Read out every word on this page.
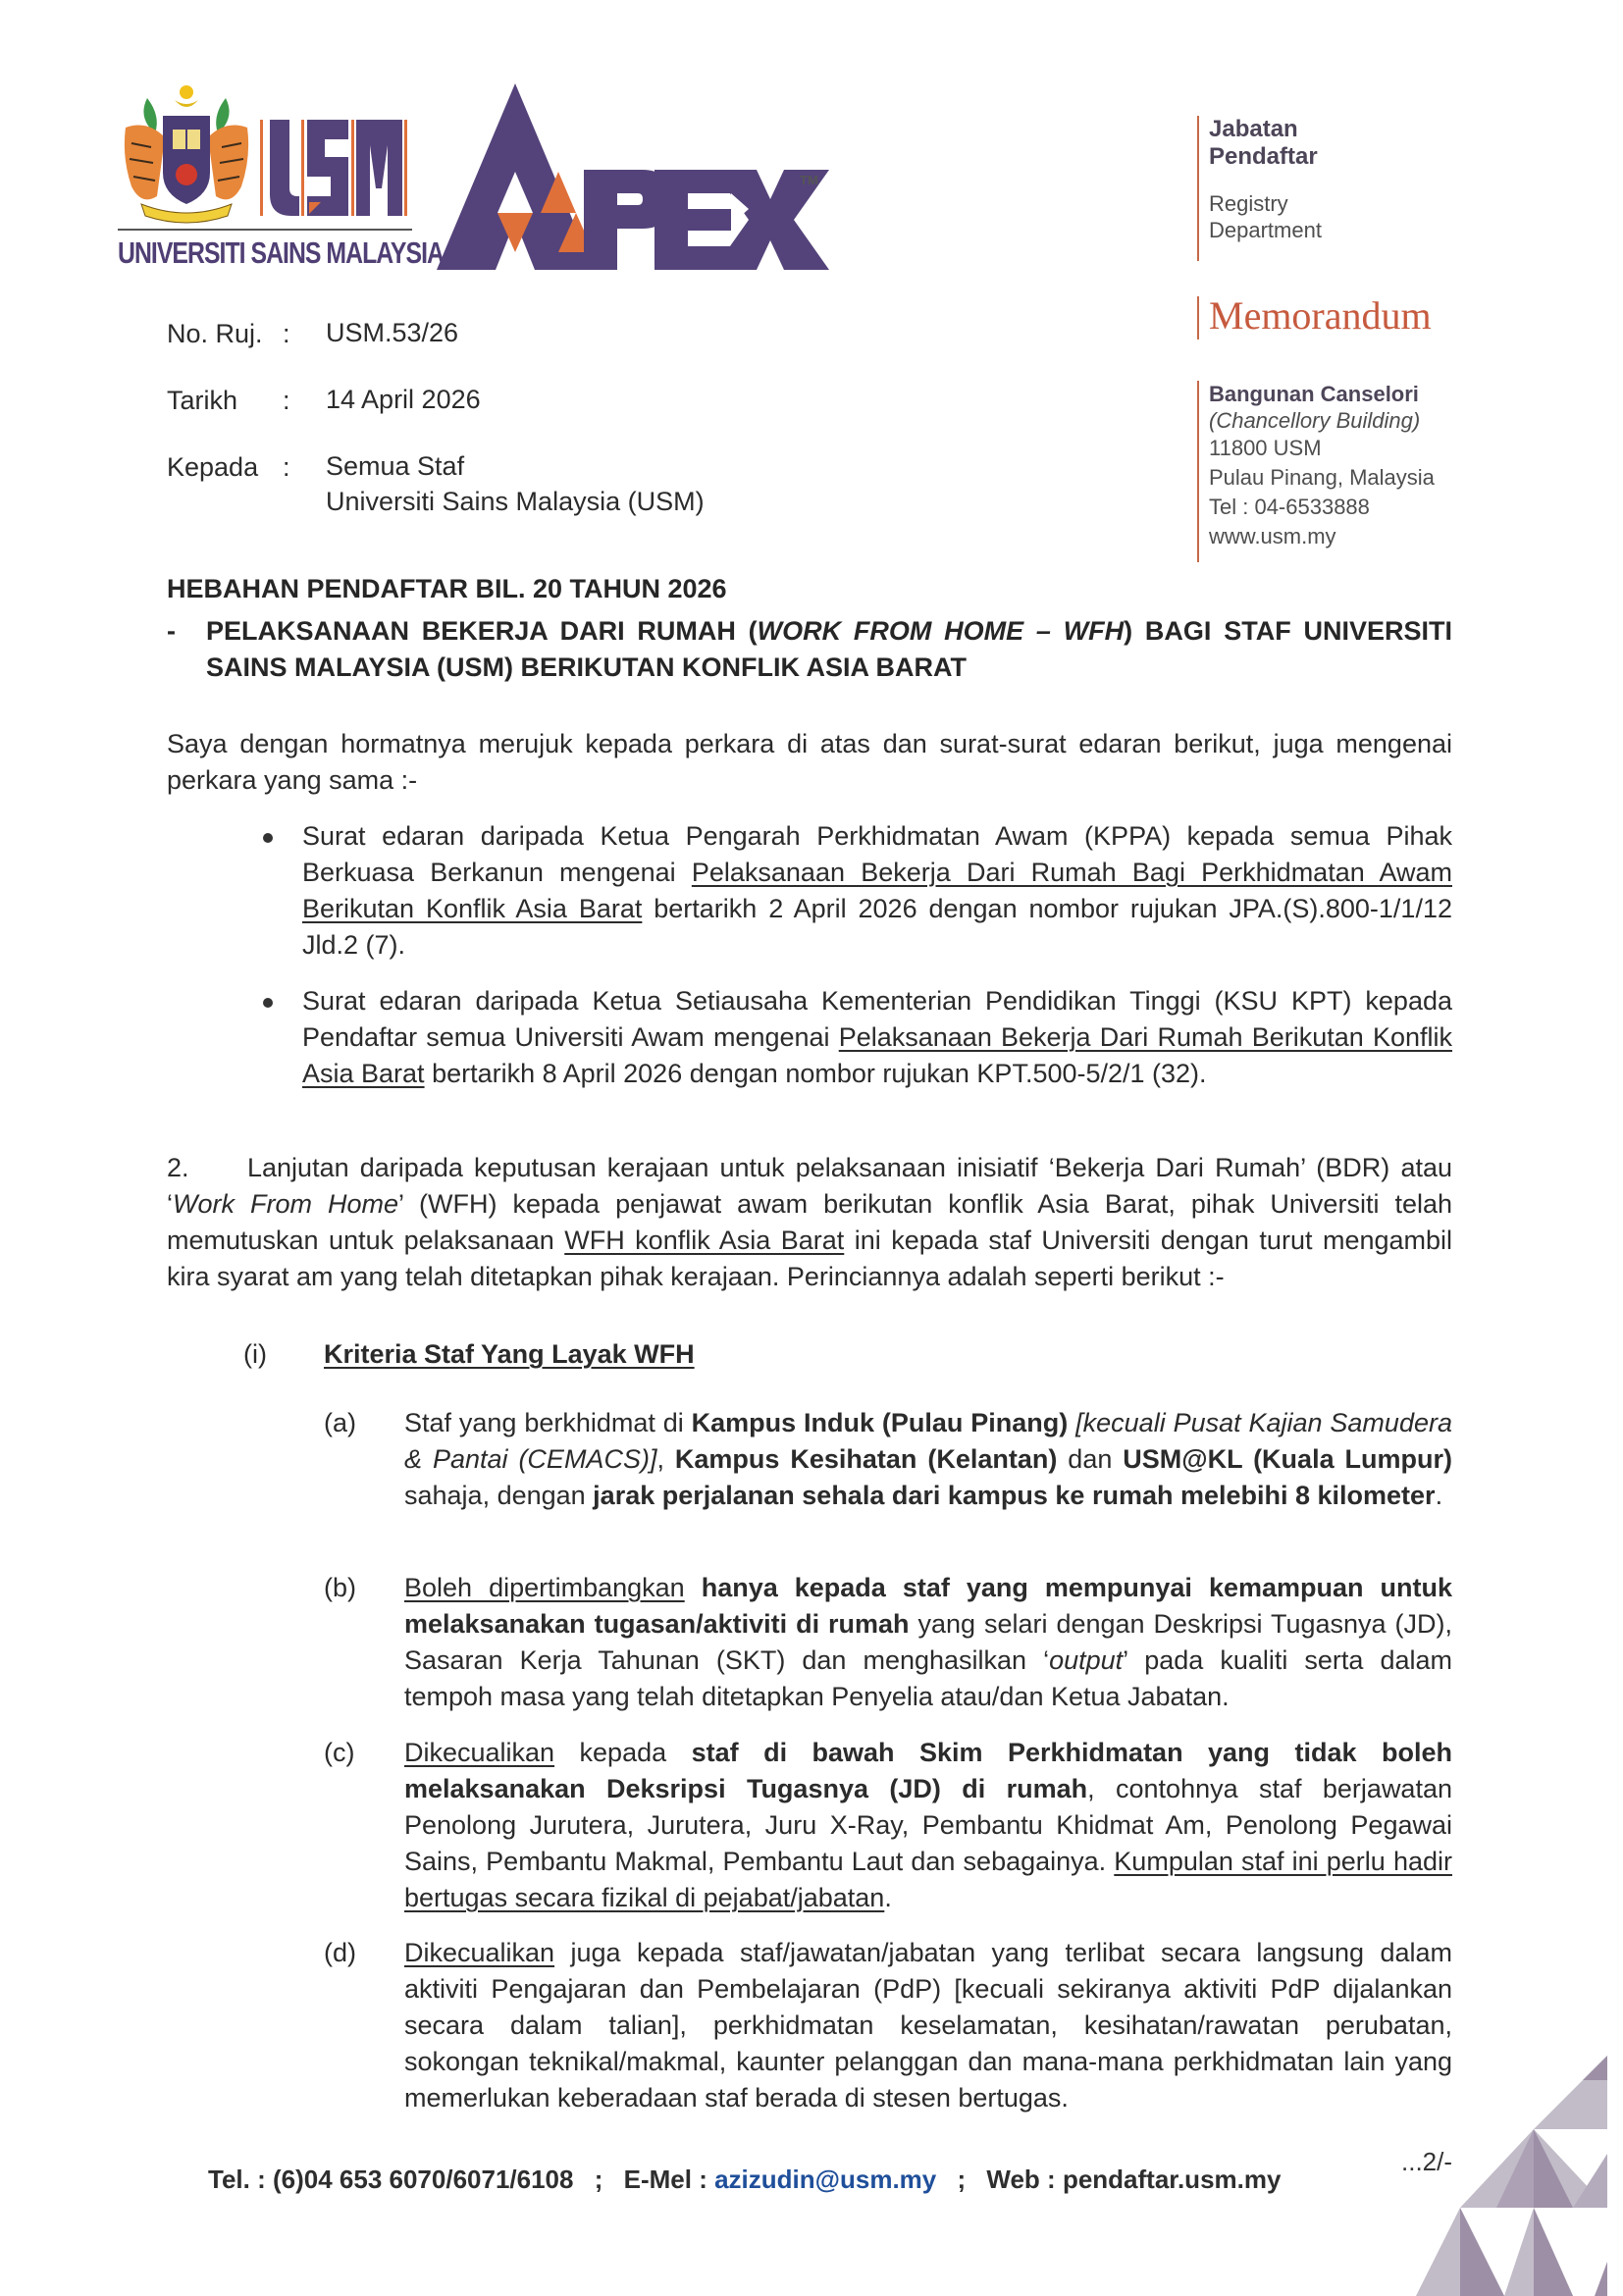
UNIVERSITI SAINS MALAYSIA
TM
Jabatan
Pendaftar
Registry
Department
Memorandum
Bangunan Canselori
(Chancellory Building)
11800 USM
Pulau Pinang, Malaysia
Tel : 04-6533888
www.usm.my
No. Ruj. : USM.53/26
Tarikh	: 14 April 2026
Kepada : Semua Staf
Universiti Sains Malaysia (USM)
HEBAHAN PENDAFTAR BIL. 20 TAHUN 2026
- PELAKSANAAN BEKERJA DARI RUMAH (WORK FROM HOME – WFH) BAGI STAF UNIVERSITI SAINS MALAYSIA (USM) BERIKUTAN KONFLIK ASIA BARAT
Saya dengan hormatnya merujuk kepada perkara di atas dan surat-surat edaran berikut, juga mengenai perkara yang sama :-
Surat edaran daripada Ketua Pengarah Perkhidmatan Awam (KPPA) kepada semua Pihak Berkuasa Berkanun mengenai Pelaksanaan Bekerja Dari Rumah Bagi Perkhidmatan Awam Berikutan Konflik Asia Barat bertarikh 2 April 2026 dengan nombor rujukan JPA.(S).800-1/1/12 Jld.2 (7).
Surat edaran daripada Ketua Setiausaha Kementerian Pendidikan Tinggi (KSU KPT) kepada Pendaftar semua Universiti Awam mengenai Pelaksanaan Bekerja Dari Rumah Berikutan Konflik Asia Barat bertarikh 8 April 2026 dengan nombor rujukan KPT.500-5/2/1 (32).
2. Lanjutan daripada keputusan kerajaan untuk pelaksanaan inisiatif ‘Bekerja Dari Rumah’ (BDR) atau ‘Work From Home’ (WFH) kepada penjawat awam berikutan konflik Asia Barat, pihak Universiti telah memutuskan untuk pelaksanaan WFH konflik Asia Barat ini kepada staf Universiti dengan turut mengambil kira syarat am yang telah ditetapkan pihak kerajaan. Perinciannya adalah seperti berikut :-
(i) Kriteria Staf Yang Layak WFH
(a) Staf yang berkhidmat di Kampus Induk (Pulau Pinang) [kecuali Pusat Kajian Samudera & Pantai (CEMACS)], Kampus Kesihatan (Kelantan) dan USM@KL (Kuala Lumpur) sahaja, dengan jarak perjalanan sehala dari kampus ke rumah melebihi 8 kilometer.
(b) Boleh dipertimbangkan hanya kepada staf yang mempunyai kemampuan untuk melaksanakan tugasan/aktiviti di rumah yang selari dengan Deskripsi Tugasnya (JD), Sasaran Kerja Tahunan (SKT) dan menghasilkan ‘output’ pada kualiti serta dalam tempoh masa yang telah ditetapkan Penyelia atau/dan Ketua Jabatan.
(c) Dikecualikan kepada staf di bawah Skim Perkhidmatan yang tidak boleh melaksanakan Deksripsi Tugasnya (JD) di rumah, contohnya staf berjawatan Penolong Jurutera, Jurutera, Juru X-Ray, Pembantu Khidmat Am, Penolong Pegawai Sains, Pembantu Makmal, Pembantu Laut dan sebagainya. Kumpulan staf ini perlu hadir bertugas secara fizikal di pejabat/jabatan.
(d) Dikecualikan juga kepada staf/jawatan/jabatan yang terlibat secara langsung dalam aktiviti Pengajaran dan Pembelajaran (PdP) [kecuali sekiranya aktiviti PdP dijalankan secara dalam talian], perkhidmatan keselamatan, kesihatan/rawatan perubatan, sokongan teknikal/makmal, kaunter pelanggan dan mana-mana perkhidmatan lain yang memerlukan keberadaan staf berada di stesen bertugas.
...2/-
Tel. : (6)04 653 6070/6071/6108 ; E-Mel : azizudin@usm.my ; Web : pendaftar.usm.my
